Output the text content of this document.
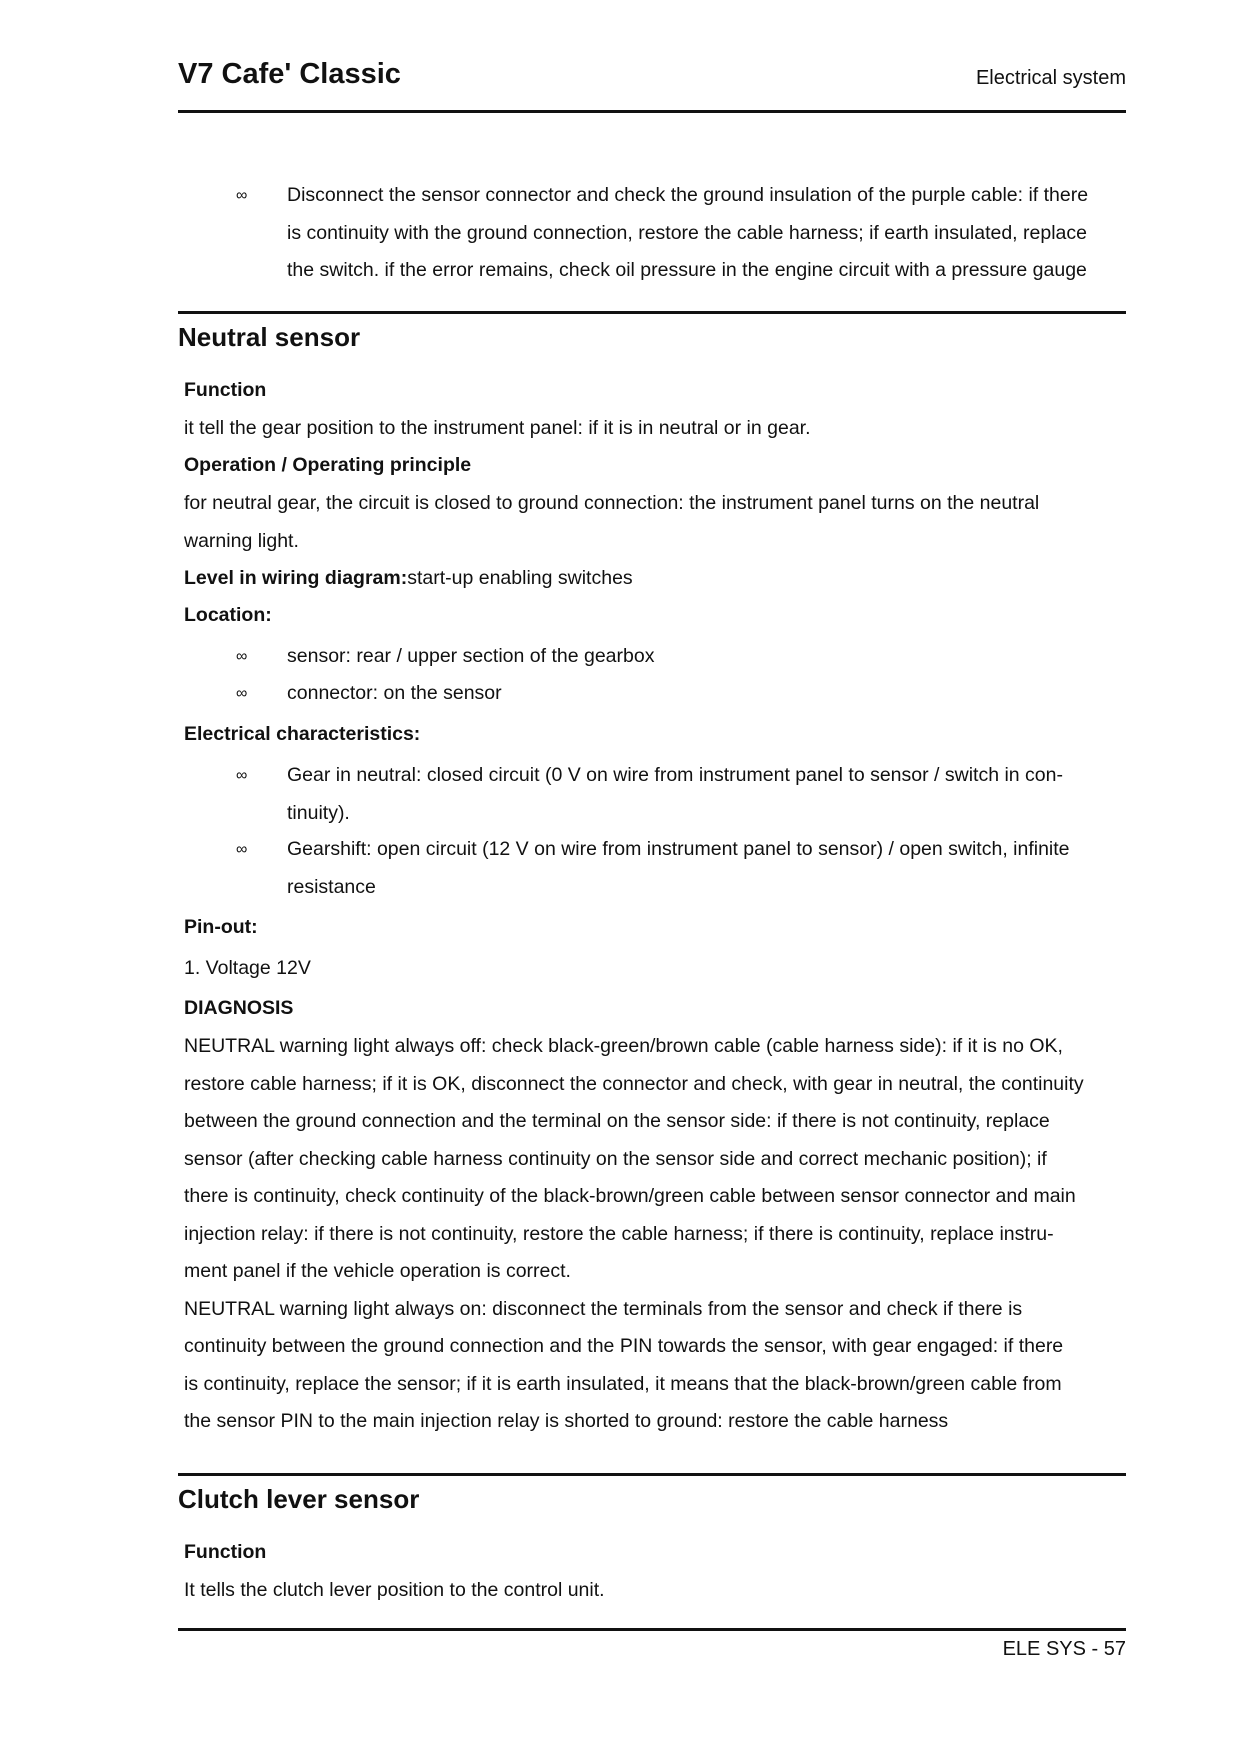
V7 Cafe' Classic	Electrical system
∞ Disconnect the sensor connector and check the ground insulation of the purple cable: if there
is continuity with the ground connection, restore the cable harness; if earth insulated, replace
the switch. if the error remains, check oil pressure in the engine circuit with a pressure gauge
Neutral sensor
Function
it tell the gear position to the instrument panel: if it is in neutral or in gear.
Operation / Operating principle
for neutral gear, the circuit is closed to ground connection: the instrument panel turns on the neutral
warning light.
Level in wiring diagram:start-up enabling switches
Location:
∞ sensor: rear / upper section of the gearbox
∞ connector: on the sensor
Electrical characteristics:
∞ Gear in neutral: closed circuit (0 V on wire from instrument panel to sensor / switch in con-
tinuity).
∞ Gearshift: open circuit (12 V on wire from instrument panel to sensor) / open switch, infinite
resistance
Pin-out:
1. Voltage 12V
DIAGNOSIS
NEUTRAL warning light always off: check black-green/brown cable (cable harness side): if it is no OK,
restore cable harness; if it is OK, disconnect the connector and check, with gear in neutral, the continuity
between the ground connection and the terminal on the sensor side: if there is not continuity, replace
sensor (after checking cable harness continuity on the sensor side and correct mechanic position); if
there is continuity, check continuity of the black-brown/green cable between sensor connector and main
injection relay: if there is not continuity, restore the cable harness; if there is continuity, replace instru-
ment panel if the vehicle operation is correct.
NEUTRAL warning light always on: disconnect the terminals from the sensor and check if there is
continuity between the ground connection and the PIN towards the sensor, with gear engaged: if there
is continuity, replace the sensor; if it is earth insulated, it means that the black-brown/green cable from
the sensor PIN to the main injection relay is shorted to ground: restore the cable harness
Clutch lever sensor
Function
It tells the clutch lever position to the control unit.
ELE SYS - 57
